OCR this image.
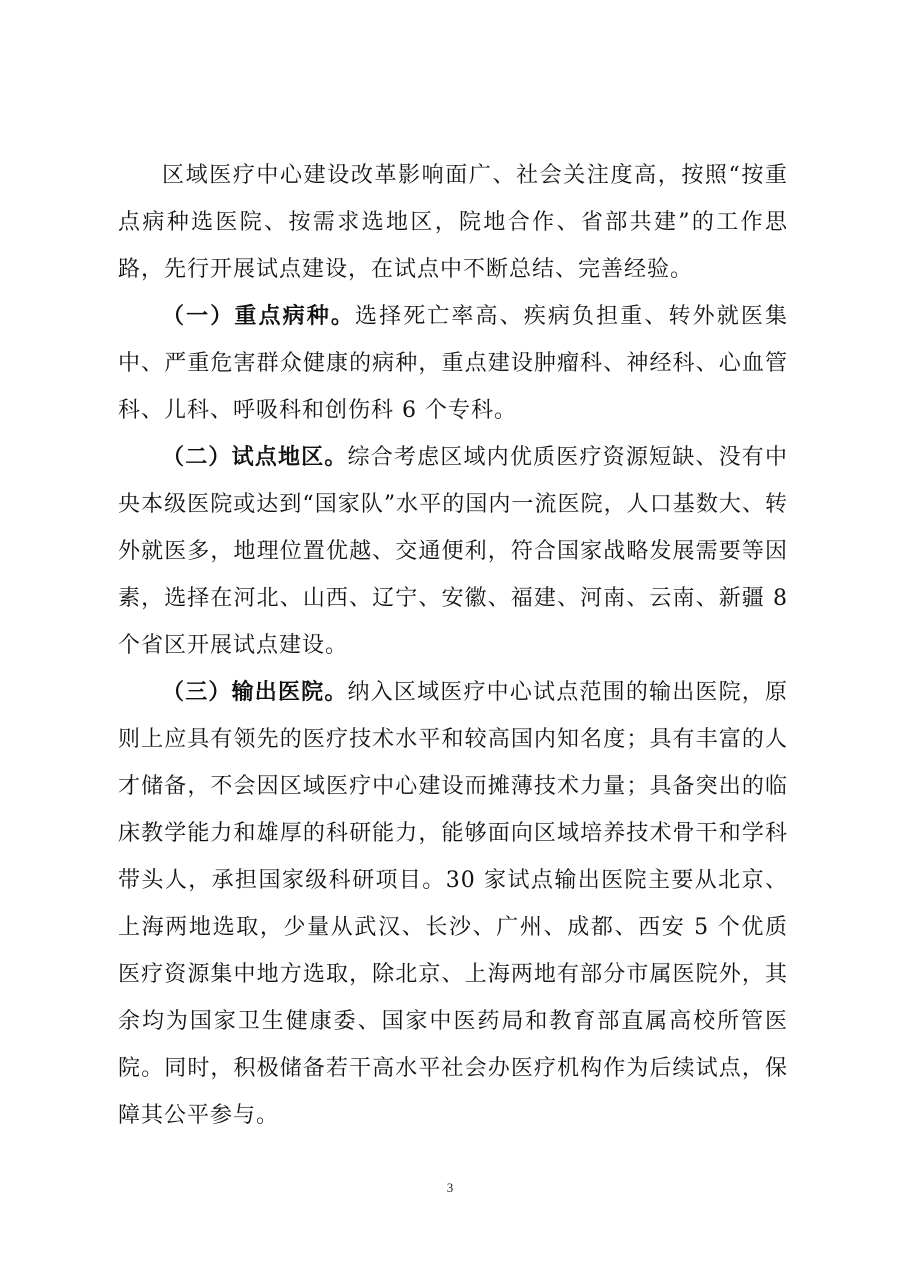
区域医疗中心建设改革影响面广、社会关注度高，按照“按重点病种选医院、按需求选地区，院地合作、省部共建”的工作思路，先行开展试点建设，在试点中不断总结、完善经验。

（一）重点病种。选择死亡率高、疾病负担重、转外就医集中、严重危害群众健康的病种，重点建设肿瘤科、神经科、心血管科、儿科、呼吸科和创伤科 6 个专科。

（二）试点地区。综合考虑区域内优质医疗资源短缺、没有中央本级医院或达到“国家队”水平的国内一流医院，人口基数大、转外就医多，地理位置优越、交通便利，符合国家战略发展需要等因素，选择在河北、山西、辽宁、安徽、福建、河南、云南、新疆 8 个省区开展试点建设。

（三）输出医院。纳入区域医疗中心试点范围的输出医院，原则上应具有领先的医疗技术水平和较高国内知名度；具有丰富的人才储备，不会因区域医疗中心建设而摊薄技术力量；具备突出的临床教学能力和雄厚的科研能力，能够面向区域培养技术骨干和学科带头人，承担国家级科研项目。30 家试点输出医院主要从北京、上海两地选取，少量从武汉、长沙、广州、成都、西安 5 个优质医疗资源集中地方选取，除北京、上海两地有部分市属医院外，其余均为国家卫生健康委、国家中医药局和教育部直属高校所管医院。同时，积极储备若干高水平社会办医疗机构作为后续试点，保障其公平参与。

3
